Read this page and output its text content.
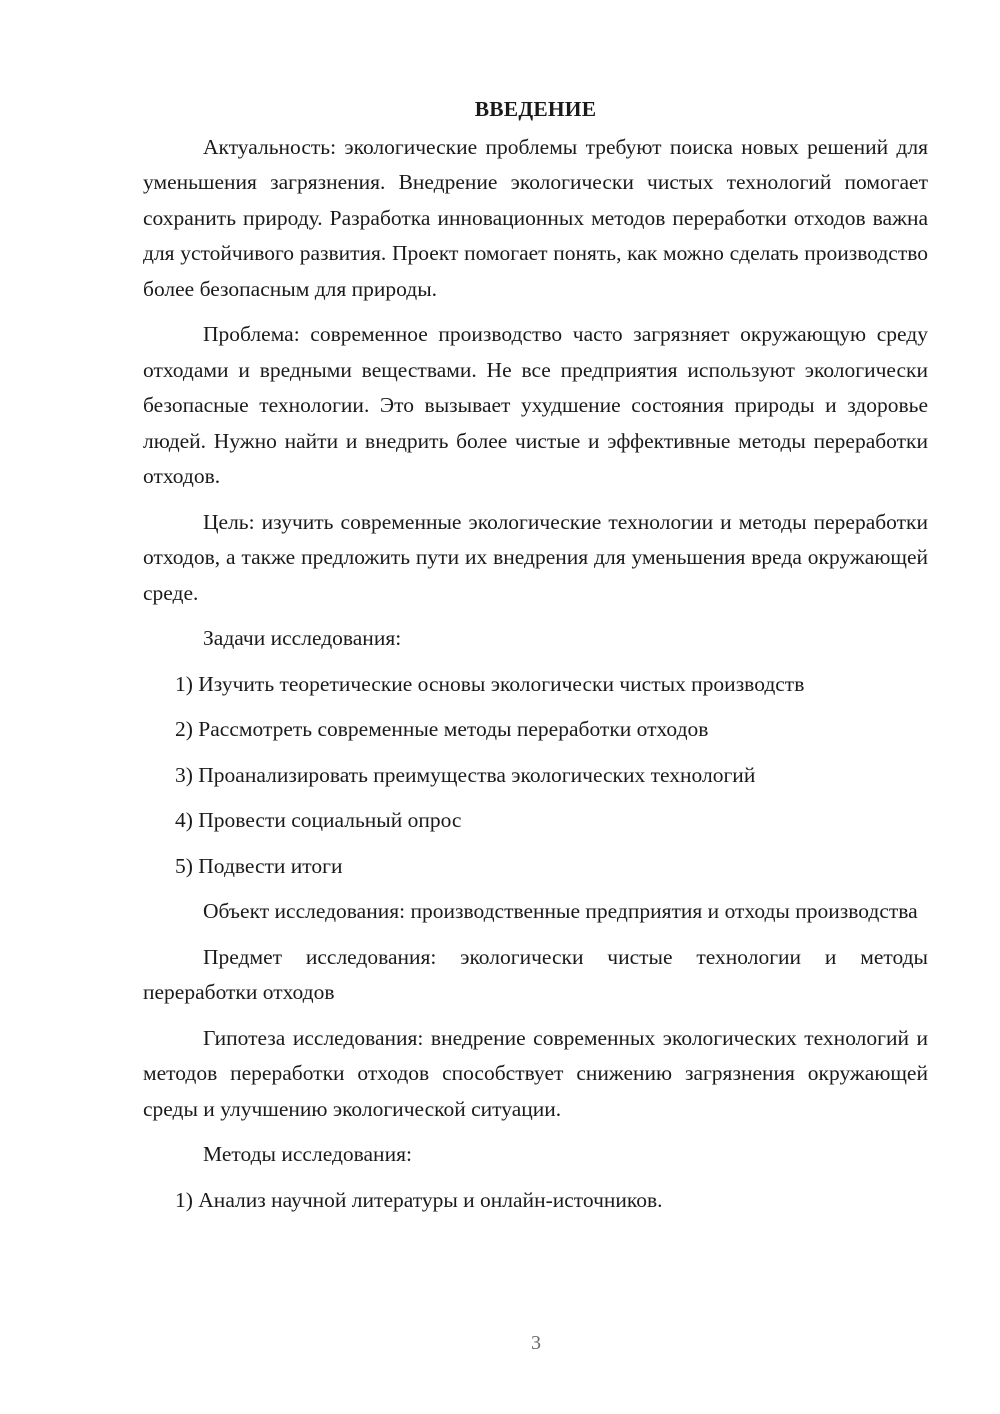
ВВЕДЕНИЕ

Актуальность: экологические проблемы требуют поиска новых решений для уменьшения загрязнения. Внедрение экологически чистых технологий помогает сохранить природу. Разработка инновационных методов переработки отходов важна для устойчивого развития. Проект помогает понять, как можно сделать производство более безопасным для природы.

Проблема: современное производство часто загрязняет окружающую среду отходами и вредными веществами. Не все предприятия используют экологически безопасные технологии. Это вызывает ухудшение состояния природы и здоровье людей. Нужно найти и внедрить более чистые и эффективные методы переработки отходов.

Цель: изучить современные экологические технологии и методы переработки отходов, а также предложить пути их внедрения для уменьшения вреда окружающей среде.

Задачи исследования:
1) Изучить теоретические основы экологически чистых производств
2) Рассмотреть современные методы переработки отходов
3) Проанализировать преимущества экологических технологий
4) Провести социальный опрос
5) Подвести итоги

Объект исследования: производственные предприятия и отходы производства

Предмет исследования: экологически чистые технологии и методы переработки отходов

Гипотеза исследования: внедрение современных экологических технологий и методов переработки отходов способствует снижению загрязнения окружающей среды и улучшению экологической ситуации.

Методы исследования:
1) Анализ научной литературы и онлайн-источников.
3
